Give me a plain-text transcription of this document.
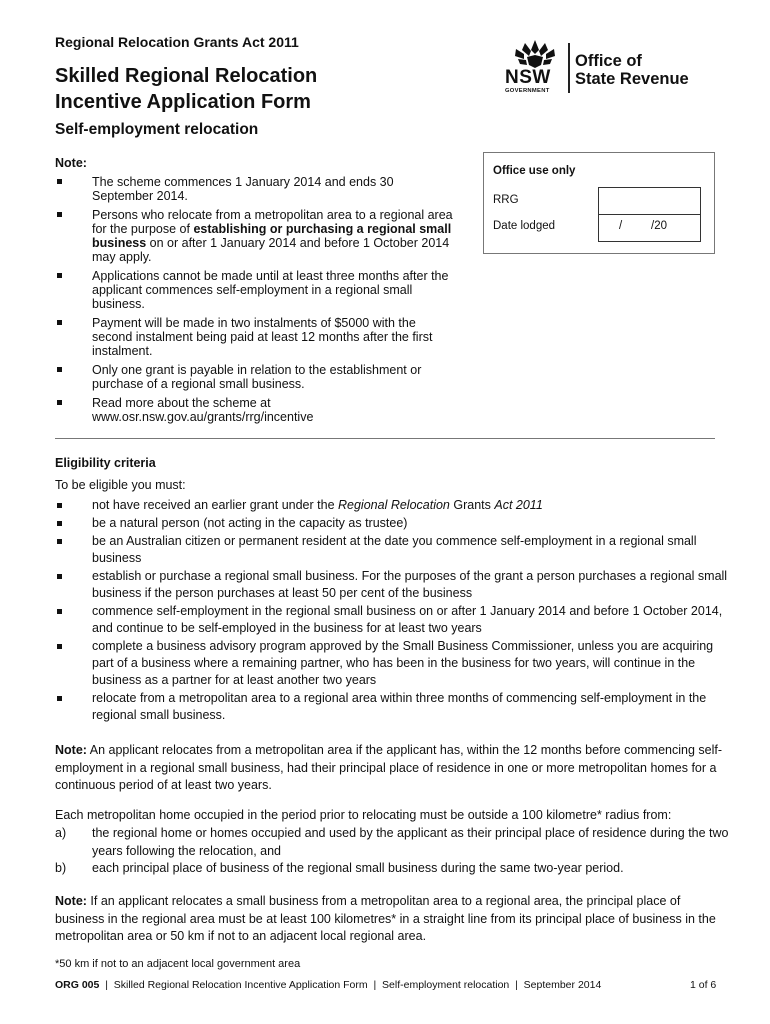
Regional Relocation Grants Act 2011
Skilled Regional Relocation
Incentive Application Form
Self-employment relocation
NSW
GOVERNMENT
Office of
State Revenue
Office use only
RRG
Date lodged	/	/20
Note:
The scheme commences 1 January 2014 and ends 30 September 2014.
Persons who relocate from a metropolitan area to a regional area for the purpose of establishing or purchasing a regional small business on or after 1 January 2014 and before 1 October 2014 may apply.
Applications cannot be made until at least three months after the applicant commences self-employment in a regional small business.
Payment will be made in two instalments of $5000 with the second instalment being paid at least 12 months after the first instalment.
Only one grant is payable in relation to the establishment or purchase of a regional small business.
Read more about the scheme at www.osr.nsw.gov.au/grants/rrg/incentive
Eligibility criteria
To be eligible you must:
not have received an earlier grant under the Regional Relocation Grants Act 2011
be a natural person (not acting in the capacity as trustee)
be an Australian citizen or permanent resident at the date you commence self-employment in a regional small business
establish or purchase a regional small business. For the purposes of the grant a person purchases a regional small business if the person purchases at least 50 per cent of the business
commence self-employment in the regional small business on or after 1 January 2014 and before 1 October 2014, and continue to be self-employed in the business for at least two years
complete a business advisory program approved by the Small Business Commissioner, unless you are acquiring part of a business where a remaining partner, who has been in the business for two years, will continue in the business as a partner for at least another two years
relocate from a metropolitan area to a regional area within three months of commencing self-employment in the regional small business.
Note: An applicant relocates from a metropolitan area if the applicant has, within the 12 months before commencing self-employment in a regional small business, had their principal place of residence in one or more metropolitan homes for a continuous period of at least two years.
Each metropolitan home occupied in the period prior to relocating must be outside a 100 kilometre* radius from:
a) the regional home or homes occupied and used by the applicant as their principal place of residence during the two years following the relocation, and
b) each principal place of business of the regional small business during the same two-year period.
Note: If an applicant relocates a small business from a metropolitan area to a regional area, the principal place of business in the regional area must be at least 100 kilometres* in a straight line from its principal place of business in the metropolitan area or 50 km if not to an adjacent local regional area.
*50 km if not to an adjacent local government area
ORG 005  |  Skilled Regional Relocation Incentive Application Form  |  Self-employment relocation  |  September 2014	1 of 6
